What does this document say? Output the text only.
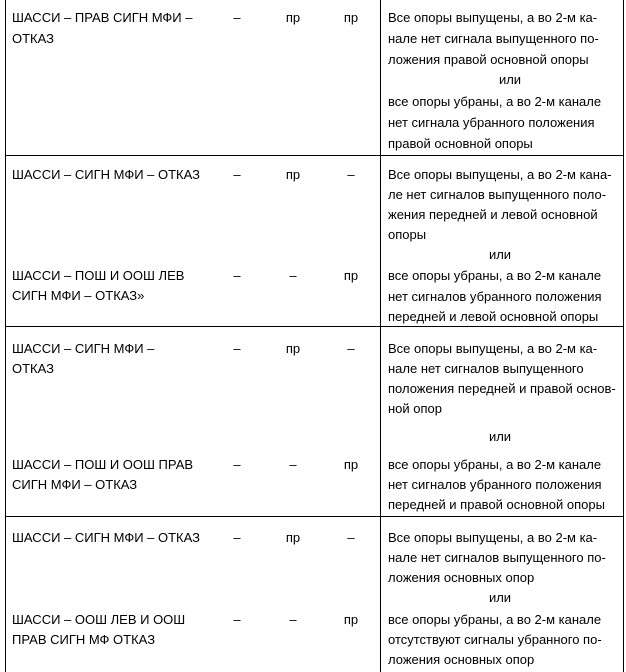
ШАССИ – ПРАВ СИГН МФИ –
ОТКАЗ
–	пр	пр	Все опоры выпущены, а во 2-м ка-
нале нет сигнала выпущенного по-
ложения правой основной опоры
или
все опоры убраны, а во 2-м канале
нет сигнала убранного положения
правой основной опоры
ШАССИ – СИГН МФИ – ОТКАЗ	–	пр	–	Все опоры выпущены, а во 2-м кана-
ле нет сигналов выпущенного поло-
жения передней и левой основной
опоры
или
ШАССИ – ПОШ И ООШ ЛЕВ
СИГН МФИ – ОТКАЗ»
–	–	пр	все опоры убраны, а во 2-м канале
нет сигналов убранного положения
передней и левой основной опоры
ШАССИ – СИГН МФИ –
ОТКАЗ
–	пр	–	Все опоры выпущены, а во 2-м ка-
нале нет сигналов выпущенного
положения передней и правой основ-
ной опор
или
ШАССИ – ПОШ И ООШ ПРАВ
СИГН МФИ – ОТКАЗ
–	–	пр	все опоры убраны, а во 2-м канале
нет сигналов убранного положения
передней и правой основной опоры
ШАССИ – СИГН МФИ – ОТКАЗ	–	пр	–	Все опоры выпущены, а во 2-м ка-
нале нет сигналов выпущенного по-
ложения основных опор
или
ШАССИ – ООШ ЛЕВ И ООШ
ПРАВ СИГН МФ ОТКАЗ
–	–	пр	все опоры убраны, а во 2-м канале
отсутствуют сигналы убранного по-
ложения основных опор
